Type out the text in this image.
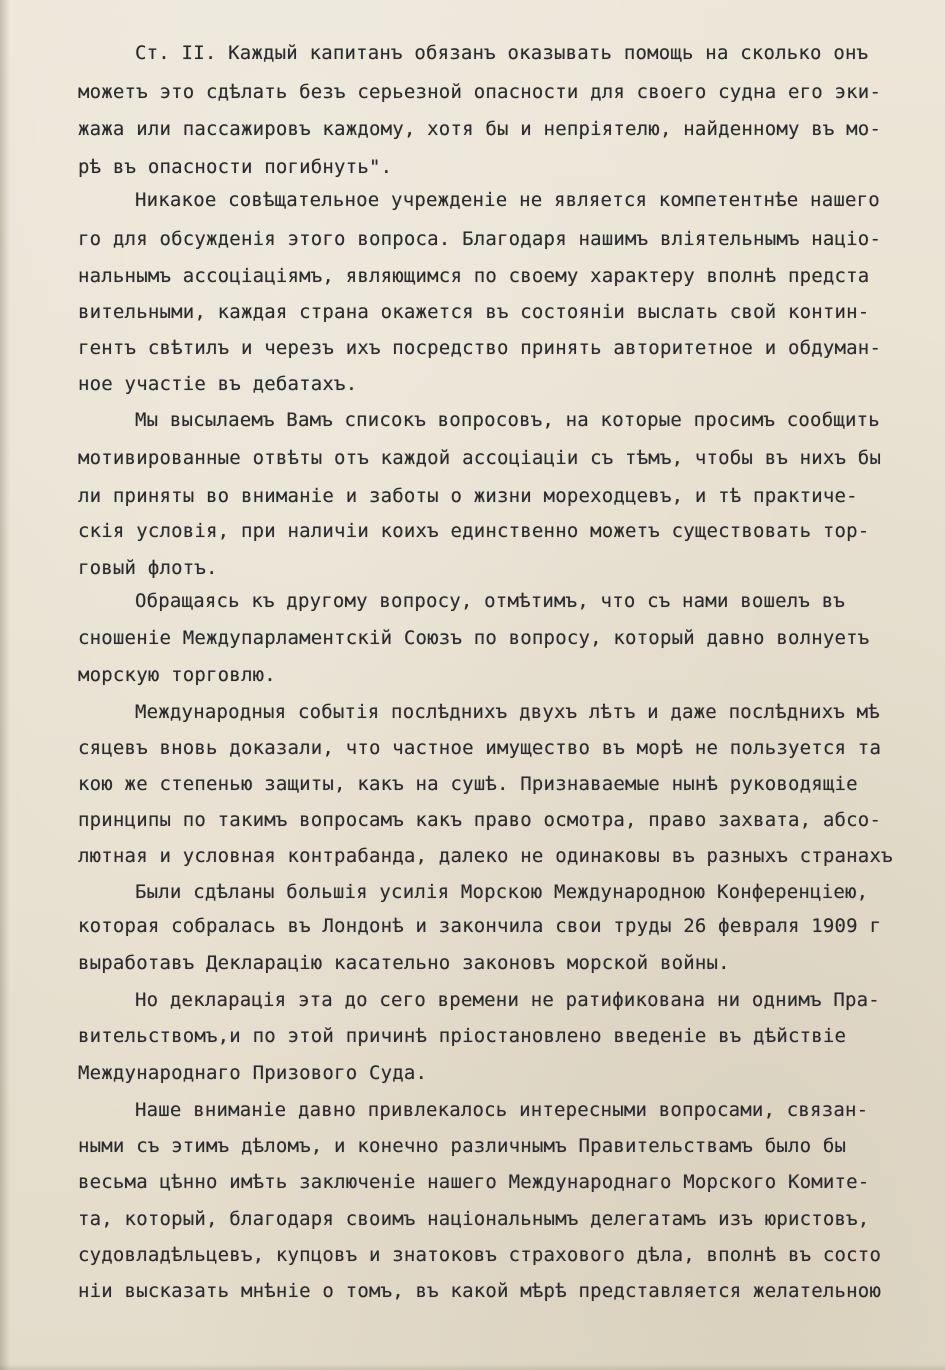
Ст. II. Каждый капитанъ обязанъ оказывать помощь на сколько онъ

можетъ это сдѣлать безъ серьезной опасности для своего судна его эки-

жажа или пассажировъ каждому, хотя бы и непріятелю, найденному въ мо-

рѣ въ опасности погибнуть".

Никакое совѣщательное учрежденіе не является компетентнѣе нашего

го для обсужденія этого вопроса. Благодаря нашимъ вліятельнымъ націо-

нальнымъ ассоціаціямъ, являющимся по своему характеру вполнѣ предста

вительными, каждая страна окажется въ состояніи выслать свой контин-

гентъ свѣтилъ и черезъ ихъ посредство принять авторитетное и обдуман-

ное участіе въ дебатахъ.

Мы высылаемъ Вамъ списокъ вопросовъ, на которые просимъ сообщить

мотивированные отвѣты отъ каждой ассоціаціи съ тѣмъ, чтобы въ нихъ бы

ли приняты во вниманіе и заботы о жизни мореходцевъ, и тѣ практиче-

скія условія, при наличіи коихъ единственно можетъ существовать тор-

говый флотъ.

Обращаясь къ другому вопросу, отмѣтимъ, что съ нами вошелъ въ

сношеніе Междупарламентскій Союзъ по вопросу, который давно волнуетъ

морскую торговлю.

Международныя событія послѣднихъ двухъ лѣтъ и даже послѣднихъ мѣ

сяцевъ вновь доказали, что частное имущество въ морѣ не пользуется та

кою же степенью защиты, какъ на сушѣ. Признаваемые нынѣ руководящіе

принципы по такимъ вопросамъ какъ право осмотра, право захвата, абсо-

лютная и условная контрабанда, далеко не одинаковы въ разныхъ странахъ

Были сдѣланы большія усилія Морскою Международною Конференціею,

которая собралась въ Лондонѣ и закончила свои труды 26 февраля 1909 г

выработавъ Декларацію касательно законовъ морской войны.

Но декларація эта до сего времени не ратификована ни однимъ Пра-

вительствомъ,и по этой причинѣ пріостановлено введеніе въ дѣйствіе

Международнаго Призового Суда.

Наше вниманіе давно привлекалось интересными вопросами, связан-

ными съ этимъ дѣломъ, и конечно различнымъ Правительствамъ было бы

весьма цѣнно имѣть заключеніе нашего Международнаго Морского Комите-

та, который, благодаря своимъ національнымъ делегатамъ изъ юристовъ,

судовладѣльцевъ, купцовъ и знатоковъ страхового дѣла, вполнѣ въ состо

ніи высказать мнѣніе о томъ, въ какой мѣрѣ представляется желательною
